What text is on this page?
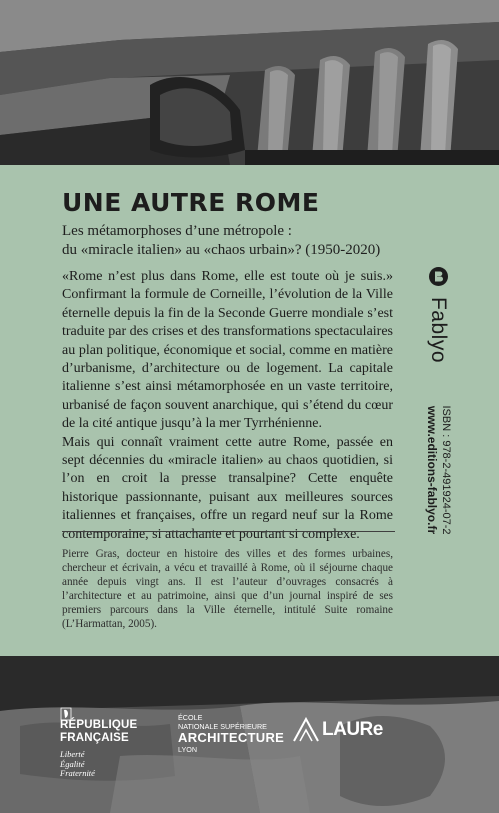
UNE AUTRE ROME
Les métamorphoses d’une métropole :
du «miracle italien» au «chaos urbain»? (1950-2020)

«Rome n’est plus dans Rome, elle est toute où je suis.» Confirmant la formule de Corneille, l’évolution de la Ville éternelle depuis la fin de la Seconde Guerre mondiale s’est traduite par des crises et des transformations spectaculaires au plan politique, économique et social, comme en matière d’urbanisme, d’architecture ou de logement. La capitale italienne s’est ainsi métamorphosée en un vaste territoire, urbanisé de façon souvent anarchique, qui s’étend du cœur de la cité antique jusqu’à la mer Tyrrhénienne.

Mais qui connaît vraiment cette autre Rome, passée en sept décennies du «miracle italien» au chaos quotidien, si l’on en croit la presse transalpine? Cette enquête historique passionnante, puisant aux meilleures sources italiennes et françaises, offre un regard neuf sur la Rome contemporaine, si attachante et pourtant si complexe.

Pierre Gras, docteur en histoire des villes et des formes urbaines, chercheur et écrivain, a vécu et travaillé à Rome, où il séjourne chaque année depuis vingt ans. Il est l’auteur d’ouvrages consacrés à l’architecture et au patrimoine, ainsi que d’un journal inspiré de ses premiers parcours dans la Ville éternelle, intitulé Suite romaine (L’Harmattan, 2005).

Fablyo
ISBN : 978-2-491924-07-2
www.editions-fablyo.fr
RÉPUBLIQUE
FRANÇAISE
Liberté
Égalité
Fraternité
ÉCOLE
NATIONALE SUPÉRIEURE
ARCHITECTURE
LYON
LAURe
